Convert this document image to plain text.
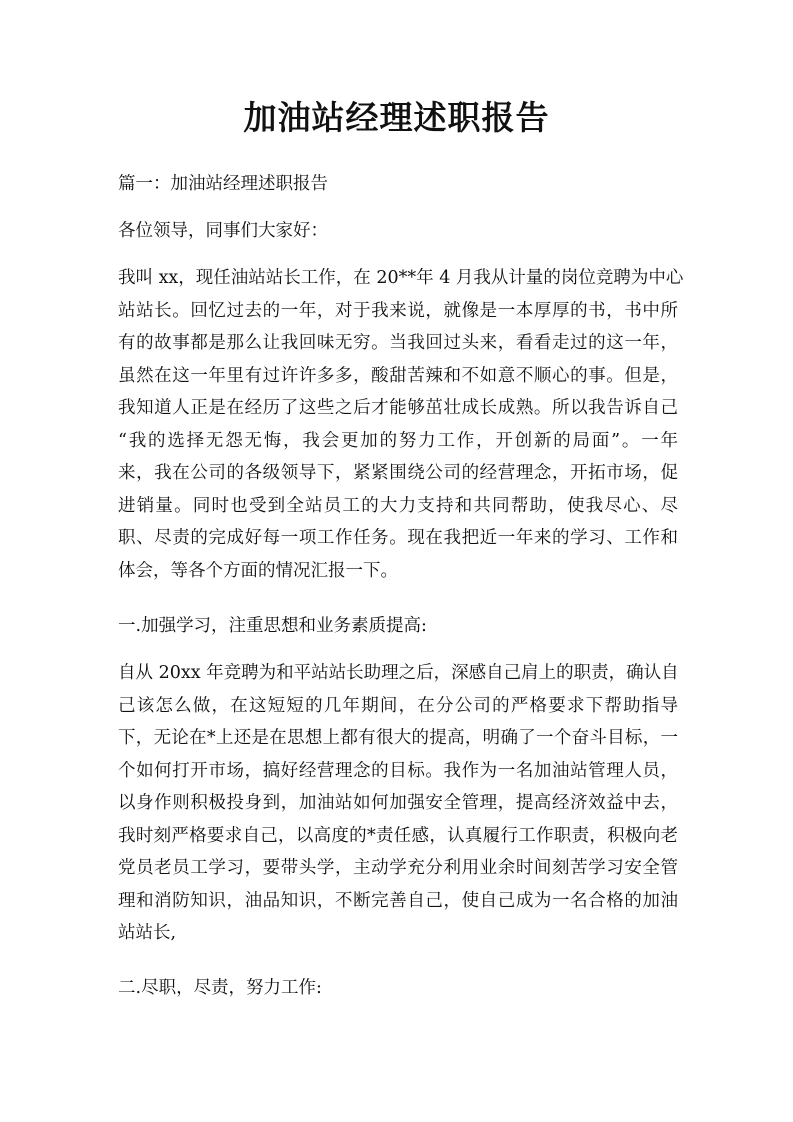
加油站经理述职报告
篇一：加油站经理述职报告
各位领导，同事们大家好：
我叫 xx，现任油站站长工作，在 20**年 4 月我从计量的岗位竞聘为中心
站站长。回忆过去的一年，对于我来说，就像是一本厚厚的书，书中所
有的故事都是那么让我回味无穷。当我回过头来，看看走过的这一年，
虽然在这一年里有过许许多多，酸甜苦辣和不如意不顺心的事。但是，
我知道人正是在经历了这些之后才能够茁壮成长成熟。所以我告诉自己
“我的选择无怨无悔，我会更加的努力工作，开创新的局面”。一年
来，我在公司的各级领导下，紧紧围绕公司的经营理念，开拓市场，促
进销量。同时也受到全站员工的大力支持和共同帮助，使我尽心、尽
职、尽责的完成好每一项工作任务。现在我把近一年来的学习、工作和
体会，等各个方面的情况汇报一下。
一.加强学习，注重思想和业务素质提高:
自从 20xx 年竞聘为和平站站长助理之后，深感自己肩上的职责，确认自
己该怎么做，在这短短的几年期间，在分公司的严格要求下帮助指导
下，无论在*上还是在思想上都有很大的提高，明确了一个奋斗目标，一
个如何打开市场，搞好经营理念的目标。我作为一名加油站管理人员，
以身作则积极投身到，加油站如何加强安全管理，提高经济效益中去，
我时刻严格要求自己，以高度的*责任感，认真履行工作职责，积极向老
党员老员工学习，要带头学，主动学充分利用业余时间刻苦学习安全管
理和消防知识，油品知识，不断完善自己，使自己成为一名合格的加油
站站长,
二.尽职，尽责，努力工作:
